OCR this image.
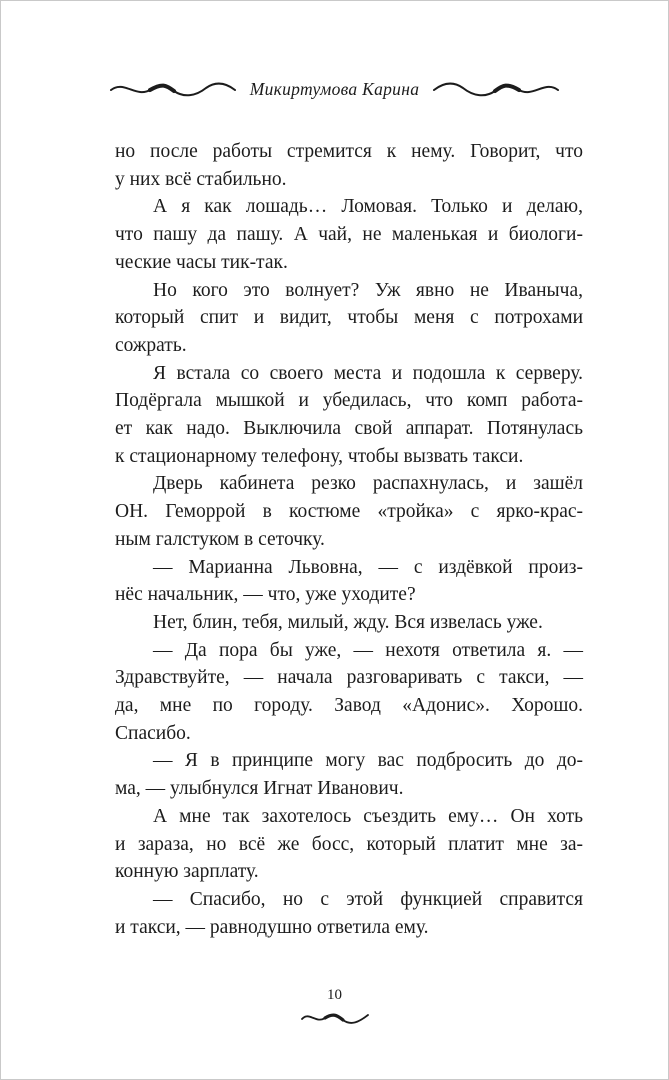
Микиртумова Карина
но после работы стремится к нему. Говорит, что
у них всё стабильно.
А я как лошадь… Ломовая. Только и делаю,
что пашу да пашу. А чай, не маленькая и биологи-
ческие часы тик-так.
Но кого это волнует? Уж явно не Иваныча,
который спит и видит, чтобы меня с потрохами
сожрать.
Я встала со своего места и подошла к серверу.
Подёргала мышкой и убедилась, что комп работа-
ет как надо. Выключила свой аппарат. Потянулась
к стационарному телефону, чтобы вызвать такси.
Дверь кабинета резко распахнулась, и зашёл
ОН. Геморрой в костюме «тройка» с ярко-крас-
ным галстуком в сеточку.
— Марианна Львовна, — с издёвкой произ-
нёс начальник, — что, уже уходите?
Нет, блин, тебя, милый, жду. Вся извелась уже.
— Да пора бы уже, — нехотя ответила я. —
Здравствуйте, — начала разговаривать с такси, —
да, мне по городу. Завод «Адонис». Хорошо.
Спасибо.
— Я в принципе могу вас подбросить до до-
ма, — улыбнулся Игнат Иванович.
А мне так захотелось съездить ему… Он хоть
и зараза, но всё же босс, который платит мне за-
конную зарплату.
— Спасибо, но с этой функцией справится
и такси, — равнодушно ответила ему.
10
